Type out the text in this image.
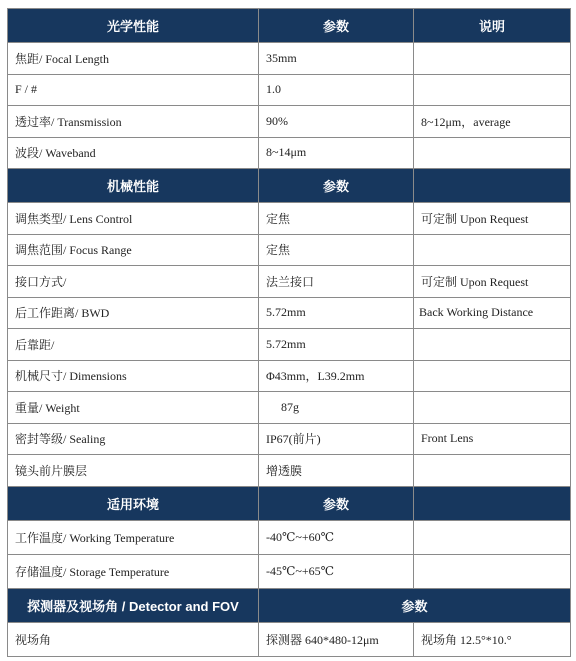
光学性能	参数	说明
焦距/ Focal Length	35mm	
F / #	1.0	
透过率/ Transmission	90%	8~12μm，average
波段/ Waveband	8~14μm	
机械性能	参数	
调焦类型/ Lens Control	定焦	可定制 Upon Request
调焦范围/ Focus Range	定焦	
接口方式/	法兰接口	可定制 Upon Request
后工作距离/ BWD	5.72mm	Back Working Distance
后靠距/	5.72mm	
机械尺寸/ Dimensions	Φ43mm，L39.2mm	
重量/ Weight	87g	
密封等级/ Sealing	IP67(前片)	Front Lens
镜头前片膜层	增透膜	
适用环境	参数	
工作温度/ Working Temperature	-40℃~+60℃	
存储温度/ Storage Temperature	-45℃~+65℃	
探测器及视场角 / Detector and FOV	参数	
视场角	探测器 640*480-12μm	视场角 12.5°*10.°
